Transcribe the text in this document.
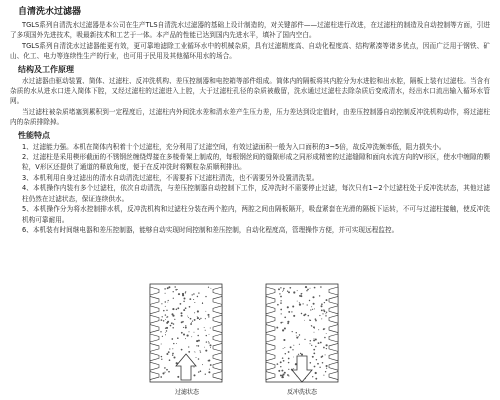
自清洗水过滤器

TGLS系列自清洗水过滤器是本公司在生产TLS自清洗水过滤器的基础上设计制造的，对关键部件——过滤柱进行改进，在过滤柱的制造及自动控制等方面，引进了多项国外先进技术，吸最新技术和工艺于一体。本产品的性能已达到国内先进水平，填补了国内空白。

TGLS系列自清洗水过滤器能更有效，更可靠地滤除工业循环水中的机械杂质，具有过滤精度高、自动化程度高、结构紧凑等诸多优点，因而广泛用于钢铁、矿山、化工、电力等连续性生产的行业，也可用于民用及其他循环用水的场合。

结构及工作原理

水过滤器由驱动装置、简体、过滤柱、反冲洗机构、差压控制器和电控箱等部件组成。简体内的隔板将其内腔分为水进腔和出水腔，隔板上装有过滤柱。当含有杂质的水从进水口进入简体下腔，又经过滤柱的过滤进入上腔，大于过滤柱孔径的杂质被截留，洗水通过过滤柱去除杂质后变成清水，经出水口流出输入循环水管网。

当过滤柱被杂质堵塞到累积到一定程度后，过滤柱内外间洗水差和清水差产生压力差，压力差达到设定值时，由差压控制器自动控制反冲洗机构动作，将过滤柱内的杂质排除掉。

性能特点

1、过滤能力强。本机在简体内积着十个过滤柱，充分利用了过滤空间，有效过滤面积一般为入口面积的3~5倍，故反冲洗频率低，阻力损失小。

2、过滤柱是采用楔形截面的不锈钢丝缠绕焊接在多棱骨架上制成的，每根钢丝间的缝隙形成之同形成精密的过滤缝隙和面向水流方向的V形区，使水中缠隙的颗粒，V形区还提供了通道的释放角度，便于在反冲洗时将颗粒杂质顺利排出。

3、本机利用自身过滤出的清水自动清洗过滤柱，不需要拆下过滤柱清洗，也不需要另外设置清洗泵。

4、本机操作内装有多个过滤柱，依次自动清洗，与差压控制器自动控制下工作，反冲洗时不需要停止过滤，每次只有1~2个过滤柱处于反冲洗状态，其他过滤柱仍然在过滤状态，保证连续供水。

5、本机操作分为将水控制排水机，反冲洗机构和过滤柱分装在两个腔内，两腔之间由隔板隔开，吸盘紧套在光滑的隔板下运转，不可与过滤柱接触，使反冲洗机构可靠耐用。

6、本机装有时间继电器和差压控制器，能够自动实现时间控制和差压控制，自动化程度高，管理操作方便，并可实现远程监控。

过滤状态	反冲洗状态
